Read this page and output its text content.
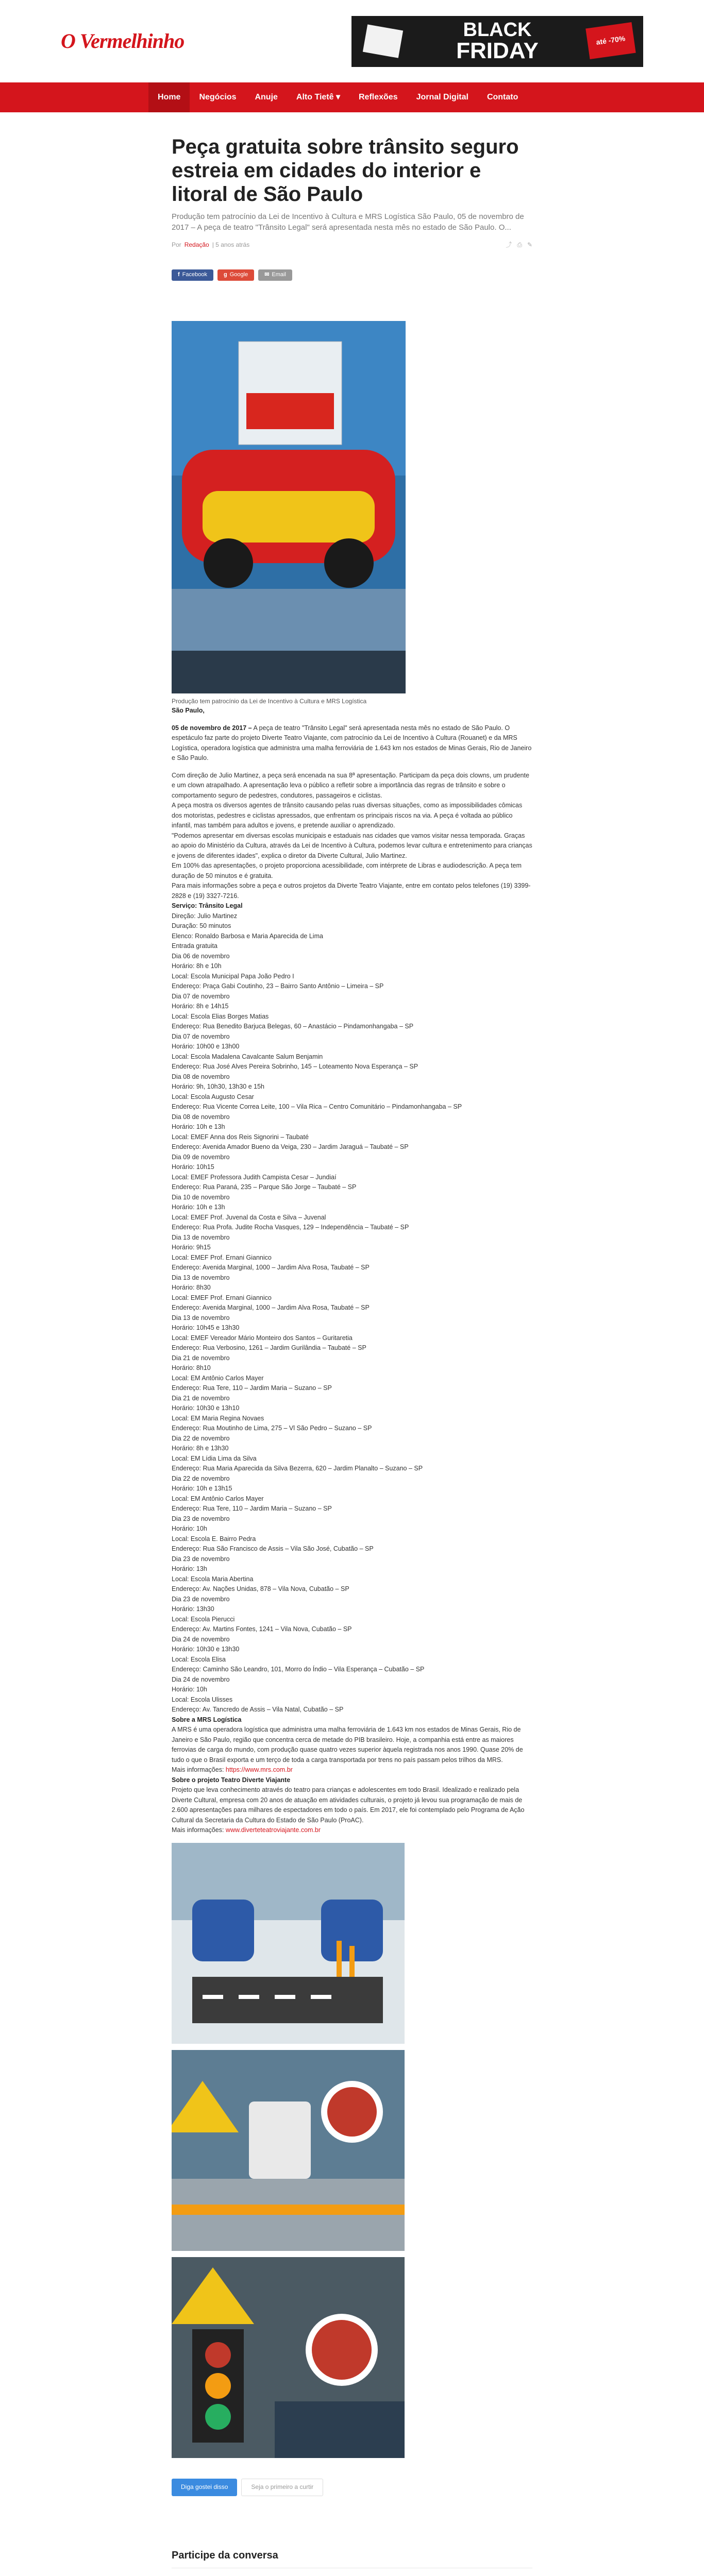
O Vermelhinho	BLACK
FRIDAY	até -70%
Home	Negócios	Anuje	Alto Tietê ▾	Reflexões	Jornal Digital	Contato
Peça gratuita sobre trânsito seguro estreia em cidades do interior e litoral de São Paulo

Produção tem patrocínio da Lei de Incentivo à Cultura e MRS Logística São Paulo, 05 de novembro de 2017 – A peça de teatro "Trânsito Legal" será apresentada nesta mês no estado de São Paulo. O...

Por Redação | 5 anos atrás	⤴ ⎙ ✎
f Facebook	g Google	✉ Email

Produção tem patrocínio da Lei de Incentivo à Cultura e MRS Logística

São Paulo,

05 de novembro de 2017 – A peça de teatro "Trânsito Legal" será apresentada nesta mês no estado de São Paulo. O espetáculo faz parte do projeto Diverte Teatro Viajante, com patrocínio da Lei de Incentivo à Cultura (Rouanet) e da MRS Logística, operadora logística que administra uma malha ferroviária de 1.643 km nos estados de Minas Gerais, Rio de Janeiro e São Paulo.

Com direção de Julio Martinez, a peça será encenada na sua 8ª apresentação. Participam da peça dois clowns, um prudente e um clown atrapalhado. A apresentação leva o público a refletir sobre a importância das regras de trânsito e sobre o comportamento seguro de pedestres, condutores, passageiros e ciclistas.

A peça mostra os diversos agentes de trânsito causando pelas ruas diversas situações, como as impossibilidades cômicas dos motoristas, pedestres e ciclistas apressados, que enfrentam os principais riscos na via. A peça é voltada ao público infantil, mas também para adultos e jovens, e pretende auxiliar o aprendizado.

"Podemos apresentar em diversas escolas municipais e estaduais nas cidades que vamos visitar nessa temporada. Graças ao apoio do Ministério da Cultura, através da Lei de Incentivo à Cultura, podemos levar cultura e entretenimento para crianças e jovens de diferentes idades", explica o diretor da Diverte Cultural, Julio Martinez.

Em 100% das apresentações, o projeto proporciona acessibilidade, com intérprete de Libras e audiodescrição. A peça tem duração de 50 minutos e é gratuita.

Para mais informações sobre a peça e outros projetos da Diverte Teatro Viajante, entre em contato pelos telefones (19) 3399-2828 e (19) 3327-7216.

Serviço: Trânsito Legal

Direção: Julio Martinez

Duração: 50 minutos

Elenco: Ronaldo Barbosa e Maria Aparecida de Lima

Entrada gratuita

Dia 06 de novembro

Horário: 8h e 10h

Local: Escola Municipal Papa João Pedro I

Endereço: Praça Gabi Coutinho, 23 – Bairro Santo Antônio – Limeira – SP

Dia 07 de novembro

Horário: 8h e 14h15

Local: Escola Elias Borges Matias

Endereço: Rua Benedito Barjuca Belegas, 60 – Anastácio – Pindamonhangaba – SP

Dia 07 de novembro

Horário: 10h00 e 13h00

Local: Escola Madalena Cavalcante Salum Benjamin

Endereço: Rua José Alves Pereira Sobrinho, 145 – Loteamento Nova Esperança – SP

Dia 08 de novembro

Horário: 9h, 10h30, 13h30 e 15h

Local: Escola Augusto Cesar

Endereço: Rua Vicente Correa Leite, 100 – Vila Rica – Centro Comunitário – Pindamonhangaba – SP

Dia 08 de novembro

Horário: 10h e 13h

Local: EMEF Anna dos Reis Signorini – Taubaté

Endereço: Avenida Amador Bueno da Veiga, 230 – Jardim Jaraguá – Taubaté – SP

Dia 09 de novembro

Horário: 10h15

Local: EMEF Professora Judith Campista Cesar – Jundiaí

Endereço: Rua Paraná, 235 – Parque São Jorge – Taubaté – SP

Dia 10 de novembro

Horário: 10h e 13h

Local: EMEF Prof. Juvenal da Costa e Silva – Juvenal

Endereço: Rua Profa. Judite Rocha Vasques, 129 – Independência – Taubaté – SP

Dia 13 de novembro

Horário: 9h15

Local: EMEF Prof. Ernani Giannico

Endereço: Avenida Marginal, 1000 – Jardim Alva Rosa, Taubaté – SP

Dia 13 de novembro

Horário: 8h30

Local: EMEF Prof. Ernani Giannico

Endereço: Avenida Marginal, 1000 – Jardim Alva Rosa, Taubaté – SP

Dia 13 de novembro

Horário: 10h45 e 13h30

Local: EMEF Vereador Mário Monteiro dos Santos – Guritaretia

Endereço: Rua Verbosino, 1261 – Jardim Gurilândia – Taubaté – SP

Dia 21 de novembro

Horário: 8h10

Local: EM Antônio Carlos Mayer

Endereço: Rua Tere, 110 – Jardim Maria – Suzano – SP

Dia 21 de novembro

Horário: 10h30 e 13h10

Local: EM Maria Regina Novaes

Endereço: Rua Moutinho de Lima, 275 – Vl São Pedro – Suzano – SP

Dia 22 de novembro

Horário: 8h e 13h30

Local: EM Lídia Lima da Silva

Endereço: Rua Maria Aparecida da Silva Bezerra, 620 – Jardim Planalto – Suzano – SP

Dia 22 de novembro

Horário: 10h e 13h15

Local: EM Antônio Carlos Mayer

Endereço: Rua Tere, 110 – Jardim Maria – Suzano – SP

Dia 23 de novembro

Horário: 10h

Local: Escola E. Bairro Pedra

Endereço: Rua São Francisco de Assis – Vila São José, Cubatão – SP

Dia 23 de novembro

Horário: 13h

Local: Escola Maria Abertina

Endereço: Av. Nações Unidas, 878 – Vila Nova, Cubatão – SP

Dia 23 de novembro

Horário: 13h30

Local: Escola Pierucci

Endereço: Av. Martins Fontes, 1241 – Vila Nova, Cubatão – SP

Dia 24 de novembro

Horário: 10h30 e 13h30

Local: Escola Elisa

Endereço: Caminho São Leandro, 101, Morro do Índio – Vila Esperança – Cubatão – SP

Dia 24 de novembro

Horário: 10h

Local: Escola Ulisses

Endereço: Av. Tancredo de Assis – Vila Natal, Cubatão – SP

Sobre a MRS Logística

A MRS é uma operadora logística que administra uma malha ferroviária de 1.643 km nos estados de Minas Gerais, Rio de Janeiro e São Paulo, região que concentra cerca de metade do PIB brasileiro. Hoje, a companhia está entre as maiores ferrovias de carga do mundo, com produção quase quatro vezes superior àquela registrada nos anos 1990. Quase 20% de tudo o que o Brasil exporta e um terço de toda a carga transportada por trens no país passam pelos trilhos da MRS.

Mais informações: https://www.mrs.com.br

Sobre o projeto Teatro Diverte Viajante

Projeto que leva conhecimento através do teatro para crianças e adolescentes em todo Brasil. Idealizado e realizado pela Diverte Cultural, empresa com 20 anos de atuação em atividades culturais, o projeto já levou sua programação de mais de 2.600 apresentações para milhares de espectadores em todo o país. Em 2017, ele foi contemplado pelo Programa de Ação Cultural da Secretaria da Cultura do Estado de São Paulo (ProAC).

Mais informações: www.diverteteatroviajante.com.br

Diga gostei disso	Seja o primeiro a curtir
Participe da conversa
